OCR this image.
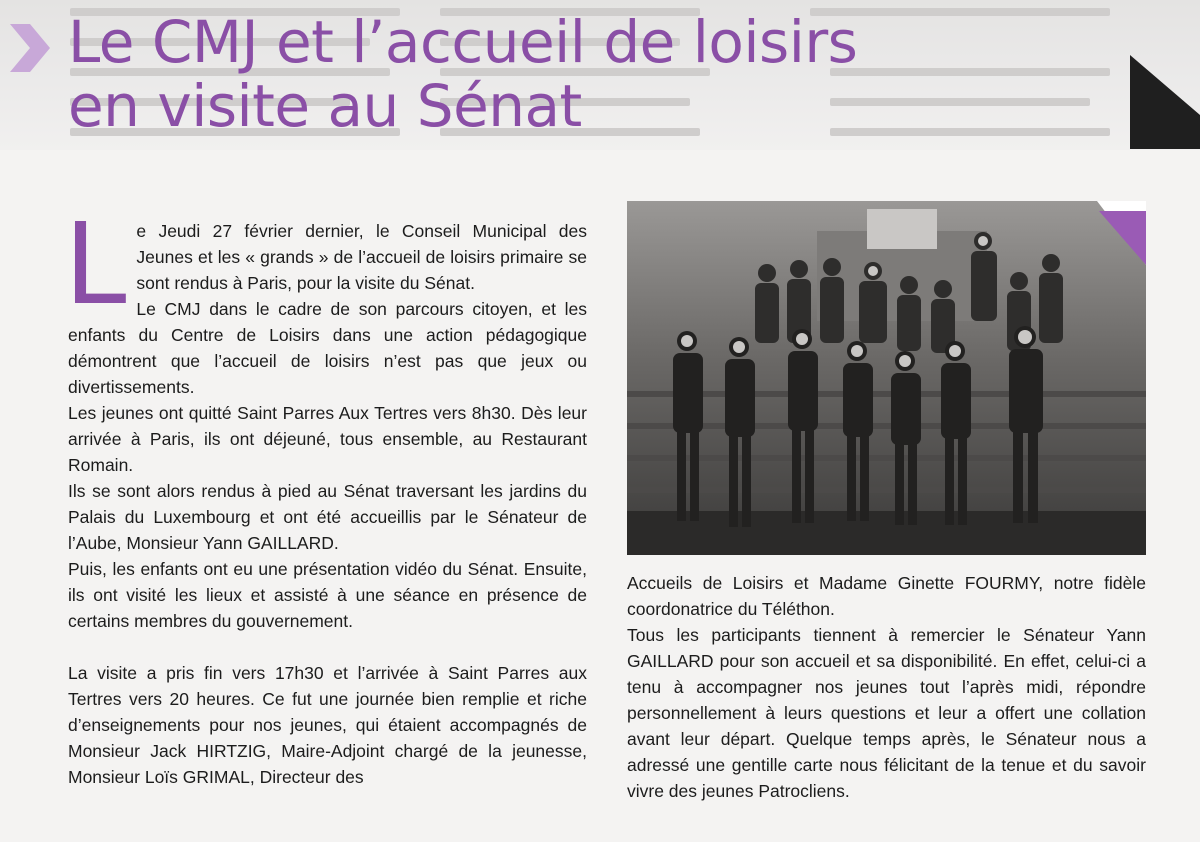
Le CMJ et l’accueil de loisirs
en visite au Sénat
L e Jeudi 27 février dernier, le Conseil Municipal des Jeunes et les « grands » de l’accueil de loisirs primaire se sont rendus à Paris, pour la visite du Sénat.

Le CMJ dans le cadre de son parcours citoyen, et les enfants du Centre de Loisirs dans une action pédagogique démontrent que l’accueil de loisirs n’est pas que jeux ou divertissements.

Les jeunes ont quitté Saint Parres Aux Tertres vers 8h30. Dès leur arrivée à Paris, ils ont déjeuné, tous ensemble, au Restaurant Romain.

Ils se sont alors rendus à pied au Sénat traversant les jardins du Palais du Luxembourg et ont été accueillis par le Sénateur de l’Aube, Monsieur Yann GAILLARD.

Puis, les enfants ont eu une présentation vidéo du Sénat. Ensuite, ils ont visité les lieux et assisté à une séance en présence de certains membres du gouvernement.

La visite a pris fin vers 17h30 et l’arrivée à Saint Parres aux Tertres vers 20 heures. Ce fut une journée bien remplie et riche d’enseignements pour nos jeunes, qui étaient accompagnés de Monsieur Jack HIRTZIG, Maire-Adjoint chargé de la jeunesse, Monsieur Loïs GRIMAL, Directeur des

Accueils de Loisirs et Madame Ginette FOURMY, notre fidèle coordonatrice du Téléthon.

Tous les participants tiennent à remercier le Sénateur Yann GAILLARD pour son accueil et sa disponibilité. En effet, celui-ci a tenu à accompagner nos jeunes tout l’après midi, répondre personnellement à leurs questions et leur a offert une collation avant leur départ. Quelque temps après, le Sénateur nous a adressé une gentille carte nous félicitant de la tenue et du savoir vivre des jeunes Patrocliens.
